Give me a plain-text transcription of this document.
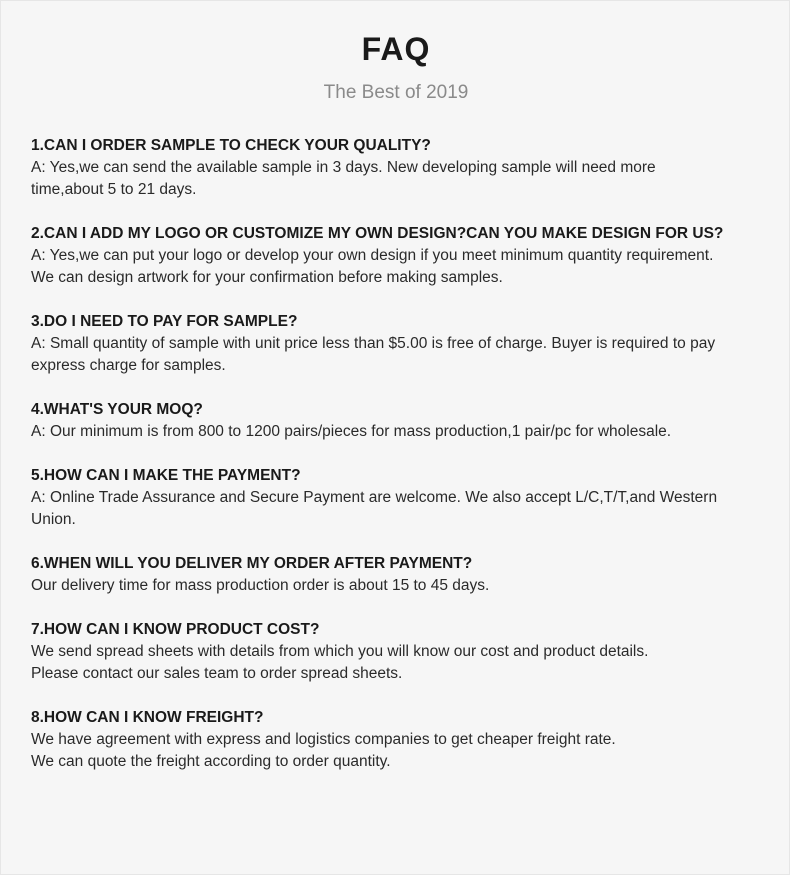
FAQ
The Best of 2019
1.CAN I ORDER SAMPLE TO CHECK YOUR QUALITY?
A: Yes,we can send the available sample in 3 days. New developing sample will need more
time,about 5 to 21 days.
2.CAN I ADD MY LOGO OR CUSTOMIZE MY OWN DESIGN?CAN YOU MAKE DESIGN FOR US?
A: Yes,we can put your logo or develop your own design if you meet minimum quantity requirement.
We can design artwork for your confirmation before making samples.
3.DO I NEED TO PAY FOR SAMPLE?
A: Small quantity of sample with unit price less than $5.00 is free of charge. Buyer is required to pay
express charge for samples.
4.WHAT'S YOUR MOQ?
A: Our minimum is from 800 to 1200 pairs/pieces for mass production,1 pair/pc for wholesale.
5.HOW CAN I MAKE THE PAYMENT?
A: Online Trade Assurance and Secure Payment are welcome. We also accept L/C,T/T,and Western
Union.
6.WHEN WILL YOU DELIVER MY ORDER AFTER PAYMENT?
Our delivery time for mass production order is about 15 to 45 days.
7.HOW CAN I KNOW PRODUCT COST?
We send spread sheets with details from which you will know our cost and product details.
Please contact our sales team to order spread sheets.
8.HOW CAN I KNOW FREIGHT?
We have agreement with express and logistics companies to get cheaper freight rate.
We can quote the freight according to order quantity.
